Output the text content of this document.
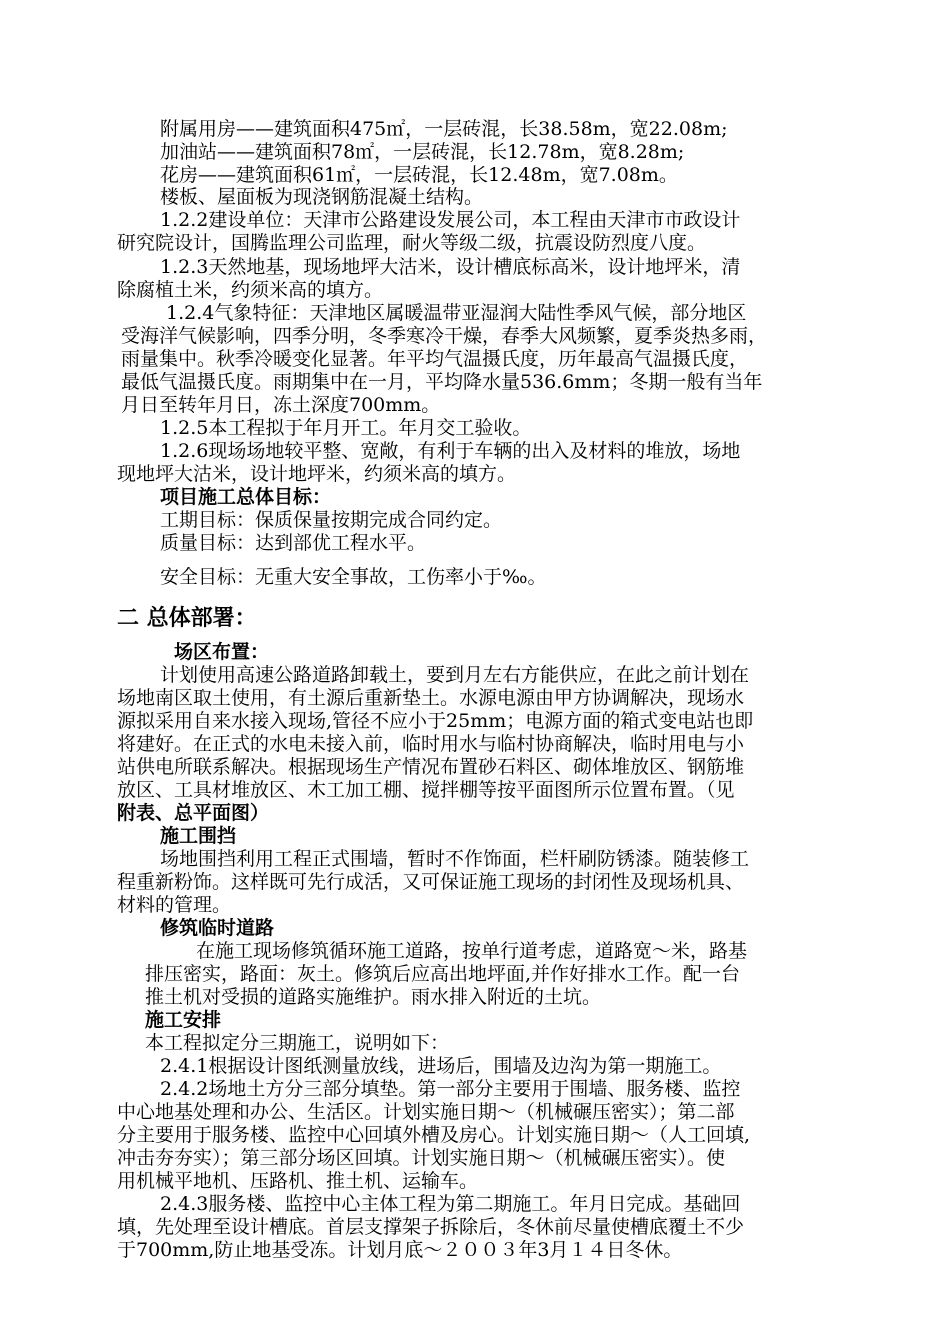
附属用房——建筑面积475㎡，一层砖混，长38.58m，宽22.08m;
加油站——建筑面积78㎡，一层砖混，长12.78m，宽8.28m;
花房——建筑面积61㎡，一层砖混，长12.48m，宽7.08m。
楼板、屋面板为现浇钢筋混凝土结构。
1.2.2建设单位：天津市公路建设发展公司，本工程由天津市市政设计
研究院设计，国腾监理公司监理，耐火等级二级，抗震设防烈度八度。
1.2.3天然地基，现场地坪大沽米，设计槽底标高米，设计地坪米，清
除腐植土米，约须米高的填方。
1.2.4气象特征：天津地区属暖温带亚湿润大陆性季风气候，部分地区
受海洋气候影响，四季分明，冬季寒冷干燥，春季大风频繁，夏季炎热多雨，
雨量集中。秋季冷暖变化显著。年平均气温摄氏度，历年最高气温摄氏度，
最低气温摄氏度。雨期集中在一月，平均降水量536.6mm；冬期一般有当年
月日至转年月日，冻土深度700mm。
1.2.5本工程拟于年月开工。年月交工验收。
1.2.6现场场地较平整、宽敞，有利于车辆的出入及材料的堆放，场地
现地坪大沽米，设计地坪米，约须米高的填方。
项目施工总体目标：
工期目标：保质保量按期完成合同约定。
质量目标：达到部优工程水平。
安全目标：无重大安全事故，工伤率小于‰。
二 总体部署：
场区布置：
计划使用高速公路道路卸载土，要到月左右方能供应，在此之前计划在
场地南区取土使用，有土源后重新垫土。水源电源由甲方协调解决，现场水
源拟采用自来水接入现场,管径不应小于25mm；电源方面的箱式变电站也即
将建好。在正式的水电未接入前，临时用水与临村协商解决，临时用电与小
站供电所联系解决。根据现场生产情况布置砂石料区、砌体堆放区、钢筋堆
放区、工具材堆放区、木工加工棚、搅拌棚等按平面图所示位置布置。（见
附表、总平面图）
施工围挡
场地围挡利用工程正式围墙，暂时不作饰面，栏杆刷防锈漆。随装修工
程重新粉饰。这样既可先行成活，又可保证施工现场的封闭性及现场机具、
材料的管理。
修筑临时道路
在施工现场修筑循环施工道路，按单行道考虑，道路宽～米，路基
排压密实，路面：灰土。修筑后应高出地坪面,并作好排水工作。配一台
推土机对受损的道路实施维护。雨水排入附近的土坑。
施工安排
本工程拟定分三期施工，说明如下：
2.4.1根据设计图纸测量放线，进场后，围墙及边沟为第一期施工。
2.4.2场地土方分三部分填垫。第一部分主要用于围墙、服务楼、监控
中心地基处理和办公、生活区。计划实施日期～（机械碾压密实）；第二部
分主要用于服务楼、监控中心回填外槽及房心。计划实施日期～（人工回填,
冲击夯夯实）；第三部分场区回填。计划实施日期～（机械碾压密实）。使
用机械平地机、压路机、推土机、运输车。
2.4.3服务楼、监控中心主体工程为第二期施工。年月日完成。基础回
填，先处理至设计槽底。首层支撑架子拆除后，冬休前尽量使槽底覆土不少
于700mm,防止地基受冻。计划月底～２００３年3月１４日冬休。
